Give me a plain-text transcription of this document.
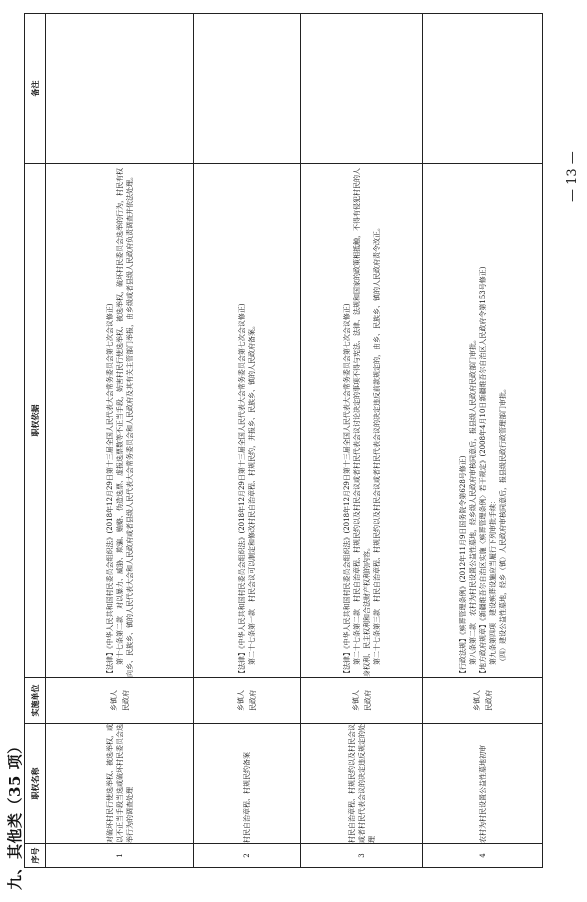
九、其他类（35 项） 序号	职权名称	实施单位	职权依据	备注
1	对破坏村民行使选举权、被选举权，或以不正当手段当选或破坏村民委员会选举行为的调查处理	乡镇人民政府	【法律】《中华人民共和国村民委员会组织法》(2018年12月29日第十三届全国人民代表大会常务委员会第七次会议修正) 第十七条第二款　对以暴力、威胁、欺骗、贿赂、伪造选票、虚报选票数等不正当手段，妨害村民行使选举权、被选举权，破坏村民委员会选举的行为，村民有权向乡、民族乡、镇的人民代表大会和人民政府或者县级人民代表大会常务委员会和人民政府及其有关主管部门举报，由乡级或者县级人民政府负责调查并依法处理。	

2	村民自治章程、村规民约备案	乡镇人民政府	【法律】《中华人民共和国村民委员会组织法》(2018年12月29日第十三届全国人民代表大会常务委员会第七次会议修正) 第二十七条第一款　村民会议可以制定和修改村民自治章程、村规民约，并报乡、民族乡、镇的人民政府备案。	

3	村民自治章程、村规民约以及村民会议或者村民代表会议的决定违反规定的处理	乡镇人民政府	【法律】《中华人民共和国村民委员会组织法》(2018年12月29日第十三届全国人民代表大会常务委员会第七次会议修正) 第二十七条第二款　村民自治章程、村规民约以及村民会议或者村民代表会议讨论决定的事项不得与宪法、法律、法规和国家的政策相抵触，不得有侵犯村民的人身权利、民主权利和合法财产权利的内容。 第二十七条第三款　村民自治章程、村规民约以及村民会议或者村民代表会议的决定违反前款规定的，由乡、民族乡、镇的人民政府责令改正。	

4	农村为村民设置公益性墓地初审	乡镇人民政府	【行政法规】《殡葬管理条例》(2012年11月9日国务院令第628号修正) 第八条第二款　农村为村民设置公益性墓地，经乡级人民政府审核同意后，报县级人民政府民政部门审批。 【地方政府规章】《新疆维吾尔自治区实施〈殡葬管理条例〉若干规定》(2008年4月10日新疆维吾尔自治区人民政府令第153号修正) 第九条第四项　建设殡葬设施应当履行下列审批手续： （四）建设公益性墓地，经乡（镇）人民政府审核同意后，报县级民政行政管理部门审批。	

— 13 —
